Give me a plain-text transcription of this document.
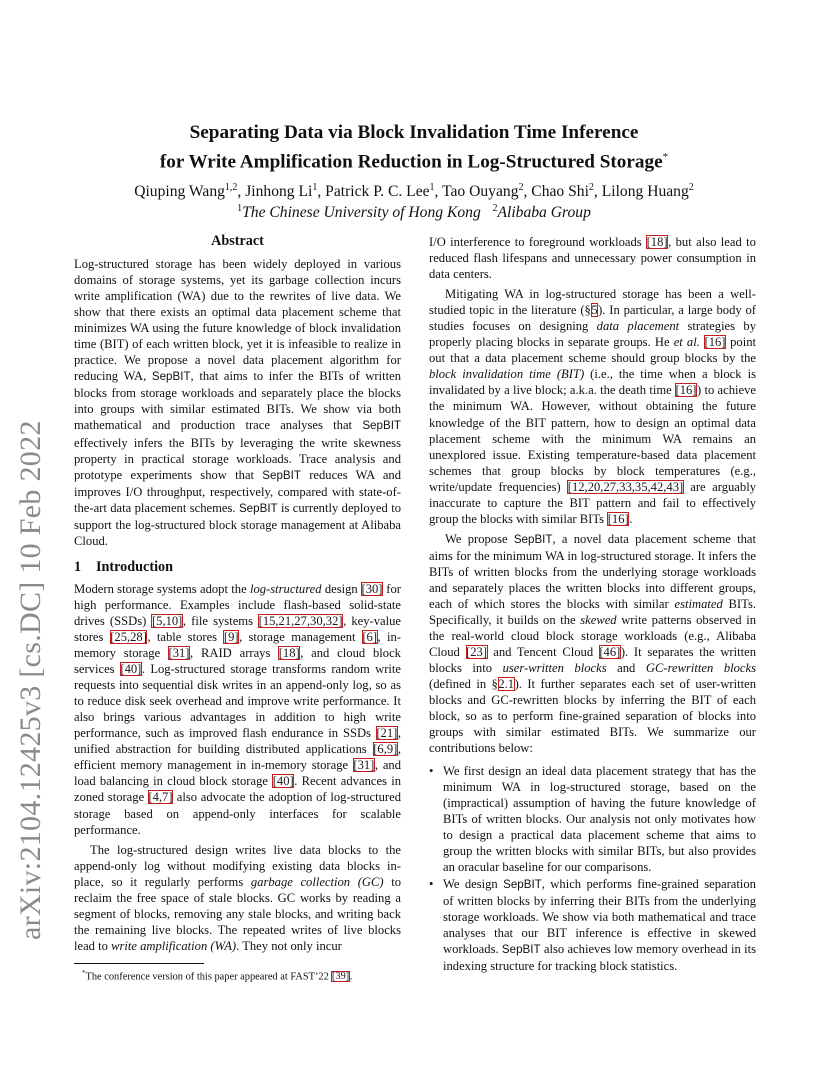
arXiv:2104.12425v3 [cs.DC] 10 Feb 2022
Separating Data via Block Invalidation Time Inference
for Write Amplification Reduction in Log-Structured Storage*
Qiuping Wang$^{1,2}$, Jinhong Li$^1$, Patrick P. C. Lee$^1$, Tao Ouyang$^2$, Chao Shi$^2$, Lilong Huang$^2$
$^1$The Chinese University of Hong Kong $^2$Alibaba Group
Abstract

Log-structured storage has been widely deployed in various domains of storage systems, yet its garbage collection incurs write amplification (WA) due to the rewrites of live data. We show that there exists an optimal data placement scheme that minimizes WA using the future knowledge of block invalidation time (BIT) of each written block, yet it is infeasible to realize in practice. We propose a novel data placement algorithm for reducing WA, SepBIT, that aims to infer the BITs of written blocks from storage workloads and separately place the blocks into groups with similar estimated BITs. We show via both mathematical and production trace analyses that SepBIT effectively infers the BITs by leveraging the write skewness property in practical storage workloads. Trace analysis and prototype experiments show that SepBIT reduces WA and improves I/O throughput, respectively, compared with state-of-the-art data placement schemes. SepBIT is currently deployed to support the log-structured block storage management at Alibaba Cloud.

1 Introduction

Modern storage systems adopt the log-structured design [30] for high performance. Examples include flash-based solid-state drives (SSDs) [5,10], file systems [15,21,27,30,32], key-value stores [25,28], table stores [9], storage management [6], in-memory storage [31], RAID arrays [18], and cloud block services [40]. Log-structured storage transforms random write requests into sequential disk writes in an append-only log, so as to reduce disk seek overhead and improve write performance. It also brings various advantages in addition to high write performance, such as improved flash endurance in SSDs [21], unified abstraction for building distributed applications [6,9], efficient memory management in in-memory storage [31], and load balancing in cloud block storage [40]. Recent advances in zoned storage [4,7] also advocate the adoption of log-structured storage based on append-only interfaces for scalable performance.

The log-structured design writes live data blocks to the append-only log without modifying existing data blocks in-place, so it regularly performs garbage collection (GC) to reclaim the free space of stale blocks. GC works by reading a segment of blocks, removing any stale blocks, and writing back the remaining live blocks. The repeated writes of live blocks lead to write amplification (WA). They not only incur

I/O interference to foreground workloads [18], but also lead to reduced flash lifespans and unnecessary power consumption in data centers.

Mitigating WA in log-structured storage has been a well-studied topic in the literature (§5). In particular, a large body of studies focuses on designing data placement strategies by properly placing blocks in separate groups. He et al. [16] point out that a data placement scheme should group blocks by the block invalidation time (BIT) (i.e., the time when a block is invalidated by a live block; a.k.a. the death time [16]) to achieve the minimum WA. However, without obtaining the future knowledge of the BIT pattern, how to design an optimal data placement scheme with the minimum WA remains an unexplored issue. Existing temperature-based data placement schemes that group blocks by block temperatures (e.g., write/update frequencies) [12,20,27,33,35,42,43] are arguably inaccurate to capture the BIT pattern and fail to effectively group the blocks with similar BITs [16].

We propose SepBIT, a novel data placement scheme that aims for the minimum WA in log-structured storage. It infers the BITs of written blocks from the underlying storage workloads and separately places the written blocks into different groups, each of which stores the blocks with similar estimated BITs. Specifically, it builds on the skewed write patterns observed in the real-world cloud block storage workloads (e.g., Alibaba Cloud [23] and Tencent Cloud [46]). It separates the written blocks into user-written blocks and GC-rewritten blocks (defined in §2.1). It further separates each set of user-written blocks and GC-rewritten blocks by inferring the BIT of each block, so as to perform fine-grained separation of blocks into groups with similar estimated BITs. We summarize our contributions below:

• We first design an ideal data placement strategy that has the minimum WA in log-structured storage, based on the (impractical) assumption of having the future knowledge of BITs of written blocks. Our analysis not only motivates how to design a practical data placement scheme that aims to group the written blocks with similar BITs, but also provides an oracular baseline for our comparisons.
• We design SepBIT, which performs fine-grained separation of written blocks by inferring their BITs from the underlying storage workloads. We show via both mathematical and trace analyses that our BIT inference is effective in skewed workloads. SepBIT also achieves low memory overhead in its indexing structure for tracking block statistics.
*The conference version of this paper appeared at FAST’22 [39].
